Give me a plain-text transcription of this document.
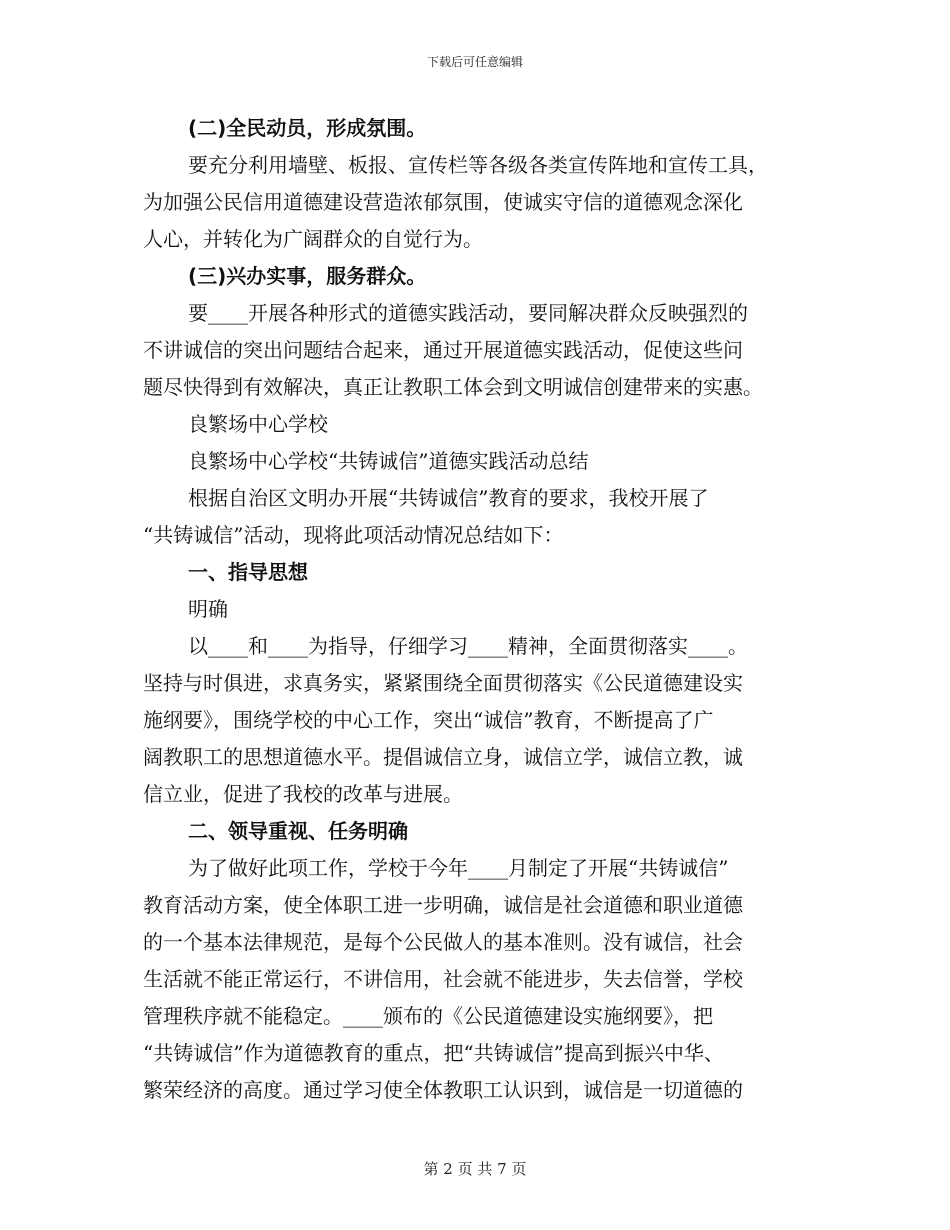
下载后可任意编辑
(二)全民动员，形成氛围。
要充分利用墙壁、板报、宣传栏等各级各类宣传阵地和宣传工具，
为加强公民信用道德建设营造浓郁氛围，使诚实守信的道德观念深化
人心，并转化为广阔群众的自觉行为。
(三)兴办实事，服务群众。
要____开展各种形式的道德实践活动，要同解决群众反映强烈的
不讲诚信的突出问题结合起来，通过开展道德实践活动，促使这些问
题尽快得到有效解决，真正让教职工体会到文明诚信创建带来的实惠。
良繁场中心学校
良繁场中心学校“共铸诚信”道德实践活动总结
根据自治区文明办开展“共铸诚信”教育的要求，我校开展了
“共铸诚信”活动，现将此项活动情况总结如下：
一、指导思想
明确
以____和____为指导，仔细学习____精神，全面贯彻落实____。
坚持与时俱进，求真务实，紧紧围绕全面贯彻落实《公民道德建设实
施纲要》，围绕学校的中心工作，突出“诚信”教育，不断提高了广
阔教职工的思想道德水平。提倡诚信立身，诚信立学，诚信立教，诚
信立业，促进了我校的改革与进展。
二、领导重视、任务明确
为了做好此项工作，学校于今年____月制定了开展“共铸诚信”
教育活动方案，使全体职工进一步明确，诚信是社会道德和职业道德
的一个基本法律规范，是每个公民做人的基本准则。没有诚信，社会
生活就不能正常运行，不讲信用，社会就不能进步，失去信誉，学校
管理秩序就不能稳定。____颁布的《公民道德建设实施纲要》，把
“共铸诚信”作为道德教育的重点，把“共铸诚信”提高到振兴中华、
繁荣经济的高度。通过学习使全体教职工认识到，诚信是一切道德的
第 2 页 共 7 页
